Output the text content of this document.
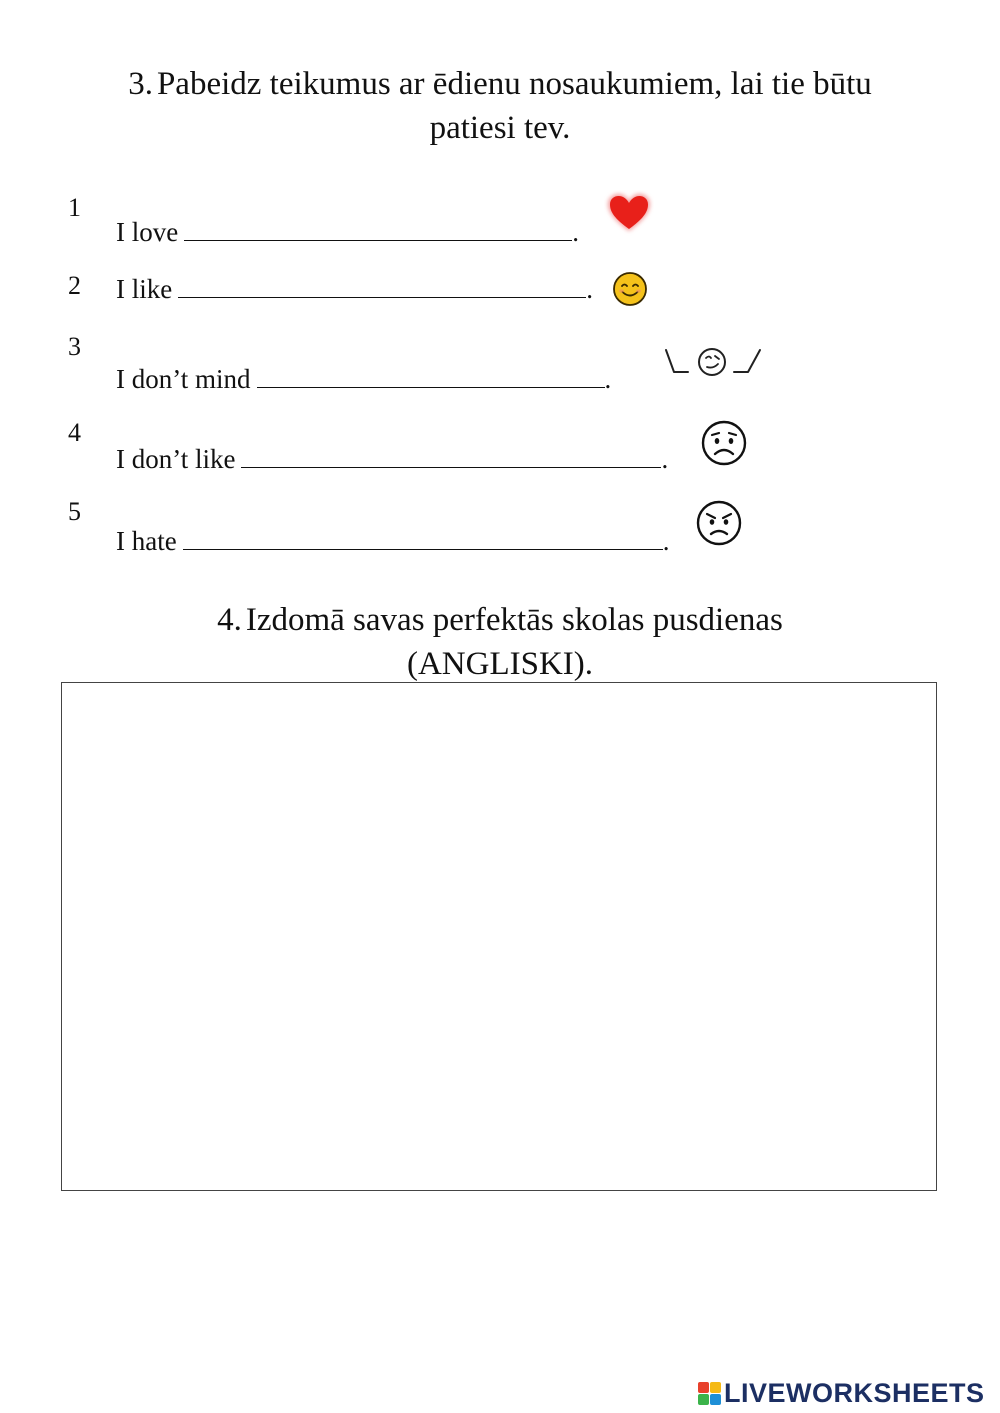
3. Pabeidz teikumus ar ēdienu nosaukumiem, lai tie būtu
patiesi tev.
1
I love	.
2 I like	.
3
I don’t mind	.
4
I don’t like	.
5
I hate	.
4. Izdomā savas perfektās skolas pusdienas
(ANGLISKI).
LIVEWORKSHEETS
